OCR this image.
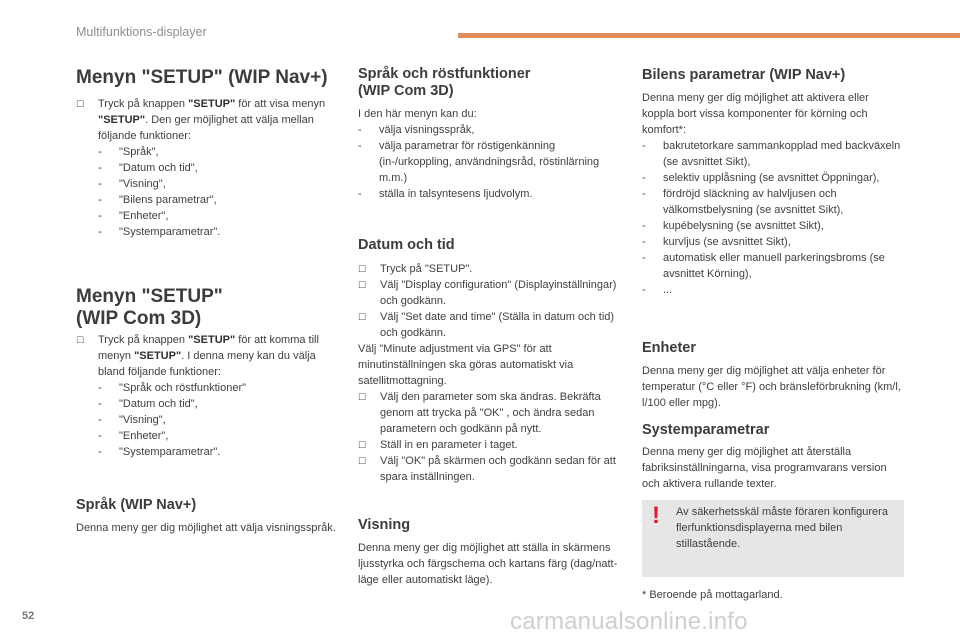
Multifunktions-displayer
Menyn "SETUP" (WIP Nav+)
☐	Tryck på knappen "SETUP" för att visa menyn "SETUP". Den ger möjlighet att välja mellan följande funktioner:
-	"Språk",
-	"Datum och tid",
-	"Visning",
-	"Bilens parametrar",
-	"Enheter",
-	"Systemparametrar".
Menyn "SETUP"
(WIP Com 3D)
☐	Tryck på knappen "SETUP" för att komma till menyn "SETUP". I denna meny kan du välja bland följande funktioner:
-	"Språk och röstfunktioner"
-	"Datum och tid",
-	"Visning",
-	"Enheter",
-	"Systemparametrar".
Språk (WIP Nav+)

Denna meny ger dig möjlighet att välja visningsspråk.

Språk och röstfunktioner
(WIP Com 3D)

I den här menyn kan du:

-	välja visningsspråk,
-	välja parametrar för röstigenkänning (in-/urkoppling, användningsråd, röstinlärning m.m.)
-	ställa in talsyntesens ljudvolym.
Datum och tid
☐	Tryck på "SETUP".
☐	Välj "Display configuration" (Displayinställningar) och godkänn.
☐	Välj "Set date and time" (Ställa in datum och tid) och godkänn.

Välj "Minute adjustment via GPS" för att minutinställningen ska göras automatiskt via satellitmottagning.

☐	Välj den parameter som ska ändras. Bekräfta genom att trycka på "OK" , och ändra sedan parametern och godkänn på nytt.
☐	Ställ in en parameter i taget.
☐	Välj "OK" på skärmen och godkänn sedan för att spara inställningen.
Visning

Denna meny ger dig möjlighet att ställa in skärmens ljusstyrka och färgschema och kartans färg (dag/natt-läge eller automatiskt läge).

Bilens parametrar (WIP Nav+)

Denna meny ger dig möjlighet att aktivera eller koppla bort vissa komponenter för körning och komfort*:

-	bakrutetorkare sammankopplad med backväxeln (se avsnittet Sikt),
-	selektiv upplåsning (se avsnittet Öppningar),
-	fördröjd släckning av halvljusen och välkomstbelysning (se avsnittet Sikt),
-	kupébelysning (se avsnittet Sikt),
-	kurvljus (se avsnittet Sikt),
-	automatisk eller manuell parkeringsbroms (se avsnittet Körning),
-	...
Enheter

Denna meny ger dig möjlighet att välja enheter för temperatur (°C eller °F) och bränsleförbrukning (km/l, l/100 eller mpg).

Systemparametrar

Denna meny ger dig möjlighet att återställa fabriksinställningarna, visa programvarans version och aktivera rullande texter.

! Av säkerhetsskäl måste föraren konfigurera flerfunktionsdisplayerna med bilen stillastående.
* Beroende på mottagarland.
52	carmanualsonline.info
